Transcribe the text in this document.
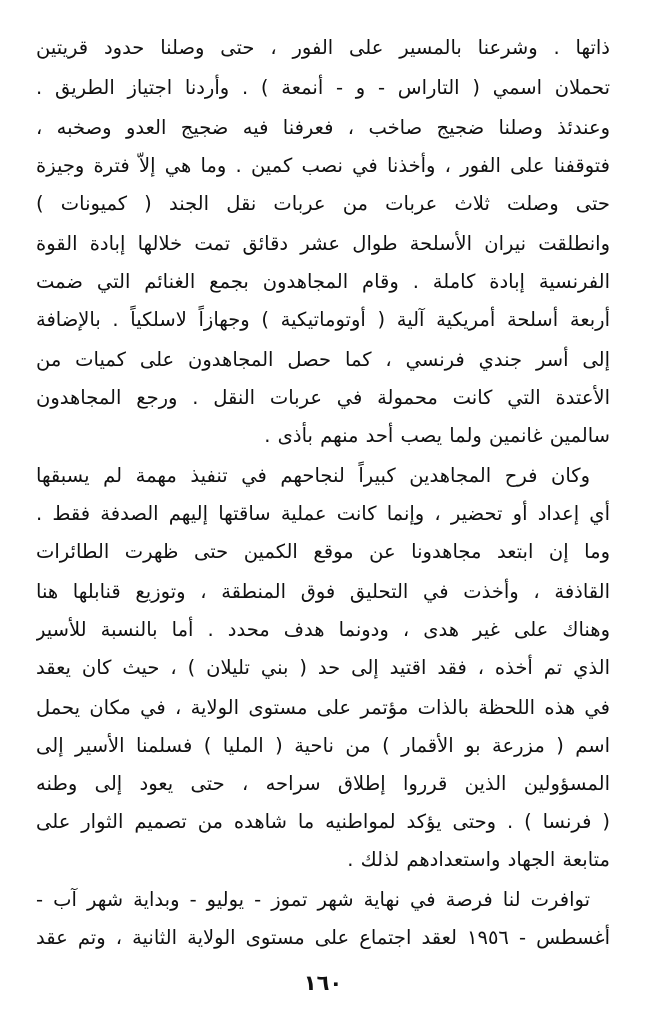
ذاتها . وشرعنا بالمسير على الفور ، حتى وصلنا حدود قريتين
تحملان اسمي ( التاراس - و - أنمعة ) . وأردنا اجتياز الطريق .
وعندئذ وصلنا ضجيج صاخب ، فعرفنا فيه ضجيج العدو وصخبه ،
فتوقفنا على الفور ، وأخذنا في نصب كمين . وما هي إلاّ فترة وجيزة
حتى وصلت ثلاث عربات من عربات نقل الجند ( كميونات )
وانطلقت نيران الأسلحة طوال عشر دقائق تمت خلالها إبادة القوة
الفرنسية إبادة كاملة . وقام المجاهدون بجمع الغنائم التي ضمت
أربعة أسلحة أمريكية آلية ( أوتوماتيكية ) وجهازاً لاسلكياً . بالإضافة
إلى أسر جندي فرنسي ، كما حصل المجاهدون على كميات من
الأعتدة التي كانت محمولة في عربات النقل . ورجع المجاهدون
سالمين غانمين ولما يصب أحد منهم بأذى .
وكان فرح المجاهدين كبيراً لنجاحهم في تنفيذ مهمة لم يسبقها
أي إعداد أو تحضير ، وإنما كانت عملية ساقتها إليهم الصدفة فقط .
وما إن ابتعد مجاهدونا عن موقع الكمين حتى ظهرت الطائرات
القاذفة ، وأخذت في التحليق فوق المنطقة ، وتوزيع قنابلها هنا
وهناك على غير هدى ، ودونما هدف محدد . أما بالنسبة للأسير
الذي تم أخذه ، فقد اقتيد إلى حد ( بني تليلان ) ، حيث كان يعقد
في هذه اللحظة بالذات مؤتمر على مستوى الولاية ، في مكان يحمل
اسم ( مزرعة بو الأقمار ) من ناحية ( المليا ) فسلمنا الأسير إلى
المسؤولين الذين قرروا إطلاق سراحه ، حتى يعود إلى وطنه
( فرنسا ) . وحتى يؤكد لمواطنيه ما شاهده من تصميم الثوار على
متابعة الجهاد واستعدادهم لذلك .
توافرت لنا فرصة في نهاية شهر تموز - يوليو - وبداية شهر آب -
أغسطس - ١٩٥٦ لعقد اجتماع على مستوى الولاية الثانية ، وتم عقد
١٦٠
